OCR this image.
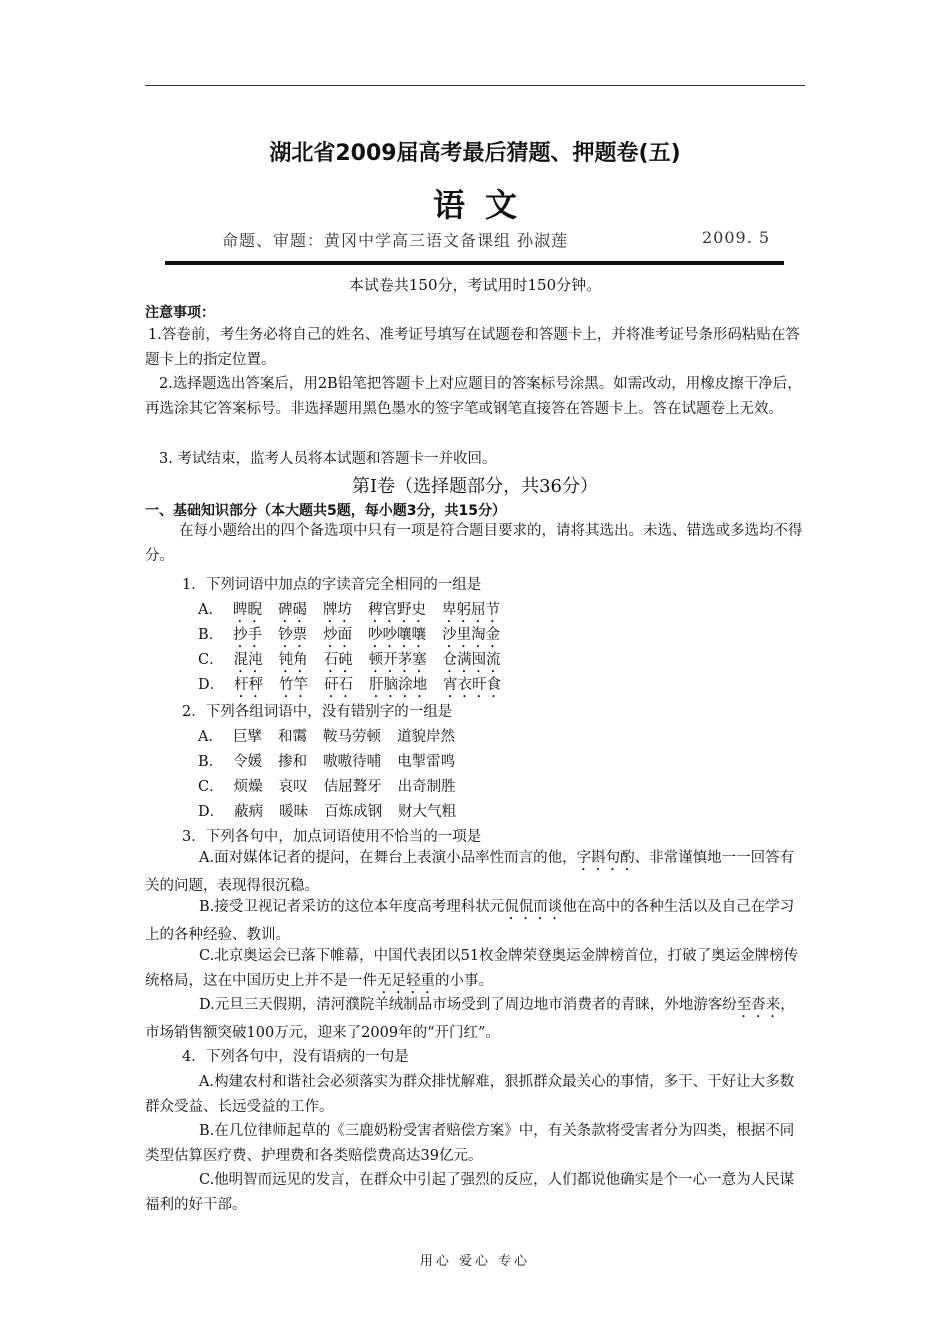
湖北省2009届高考最后猜题、押题卷(五)
语文
命题、审题：黄冈中学高三语文备课组 孙淑莲	2009. 5
本试卷共150分，考试用时150分钟。
注意事项：
1.答卷前，考生务必将自己的姓名、准考证号填写在试题卷和答题卡上，并将准考证号条形码粘贴在答题卡上的指定位置。
2.选择题选出答案后，用2B铅笔把答题卡上对应题目的答案标号涂黑。如需改动，用橡皮擦干净后，再选涂其它答案标号。非选择题用黑色墨水的签字笔或钢笔直接答在答题卡上。答在试题卷上无效。
3. 考试结束，监考人员将本试题和答题卡一并收回。
第Ⅰ卷（选择题部分，共36分）
一、基础知识部分（本大题共5题，每小题3分，共15分）
在每小题给出的四个备选项中只有一项是符合题目要求的，请将其选出。未选、错选或多选均不得分。
1．下列词语中加点的字读音完全相同的一组是
A． 睥睨 碑碣 牌坊 稗官野史 卑躬屈节
B． 抄手 钞票 炒面 吵吵嚷嚷 沙里淘金
C． 混沌 钝角 石砘 顿开茅塞 仓满囤流
D． 杆秤 竹竿 矸石 肝脑涂地 宵衣旰食
2．下列各组词语中，没有错别字的一组是
A． 巨擘 和霭 鞍马劳顿 道貌岸然
B． 令媛 掺和 嗷嗷待哺 电掣雷鸣
C． 烦燥 哀叹 佶屈聱牙 出奇制胜
D． 蔽病 暖昧 百炼成钢 财大气粗
3．下列各句中，加点词语使用不恰当的一项是
A.面对媒体记者的提问，在舞台上表演小品率性而言的他，字斟句酌、非常谨慎地一一回答有关的问题，表现得很沉稳。
B.接受卫视记者采访的这位本年度高考理科状元侃侃而谈他在高中的各种生活以及自己在学习上的各种经验、教训。
C.北京奥运会已落下帷幕，中国代表团以51枚金牌荣登奥运金牌榜首位，打破了奥运金牌榜传统格局，这在中国历史上并不是一件无足轻重的小事。
D.元旦三天假期，清河濮院羊绒制品市场受到了周边地市消费者的青睐，外地游客纷至沓来，市场销售额突破100万元，迎来了2009年的“开门红”。
4．下列各句中，没有语病的一句是
A.构建农村和谐社会必须落实为群众排忧解难，狠抓群众最关心的事情，多干、干好让大多数群众受益、长远受益的工作。
B.在几位律师起草的《三鹿奶粉受害者赔偿方案》中，有关条款将受害者分为四类，根据不同类型估算医疗费、护理费和各类赔偿费高达39亿元。
C.他明智而远见的发言，在群众中引起了强烈的反应，人们都说他确实是个一心一意为人民谋福利的好干部。
用心 爱心 专心
